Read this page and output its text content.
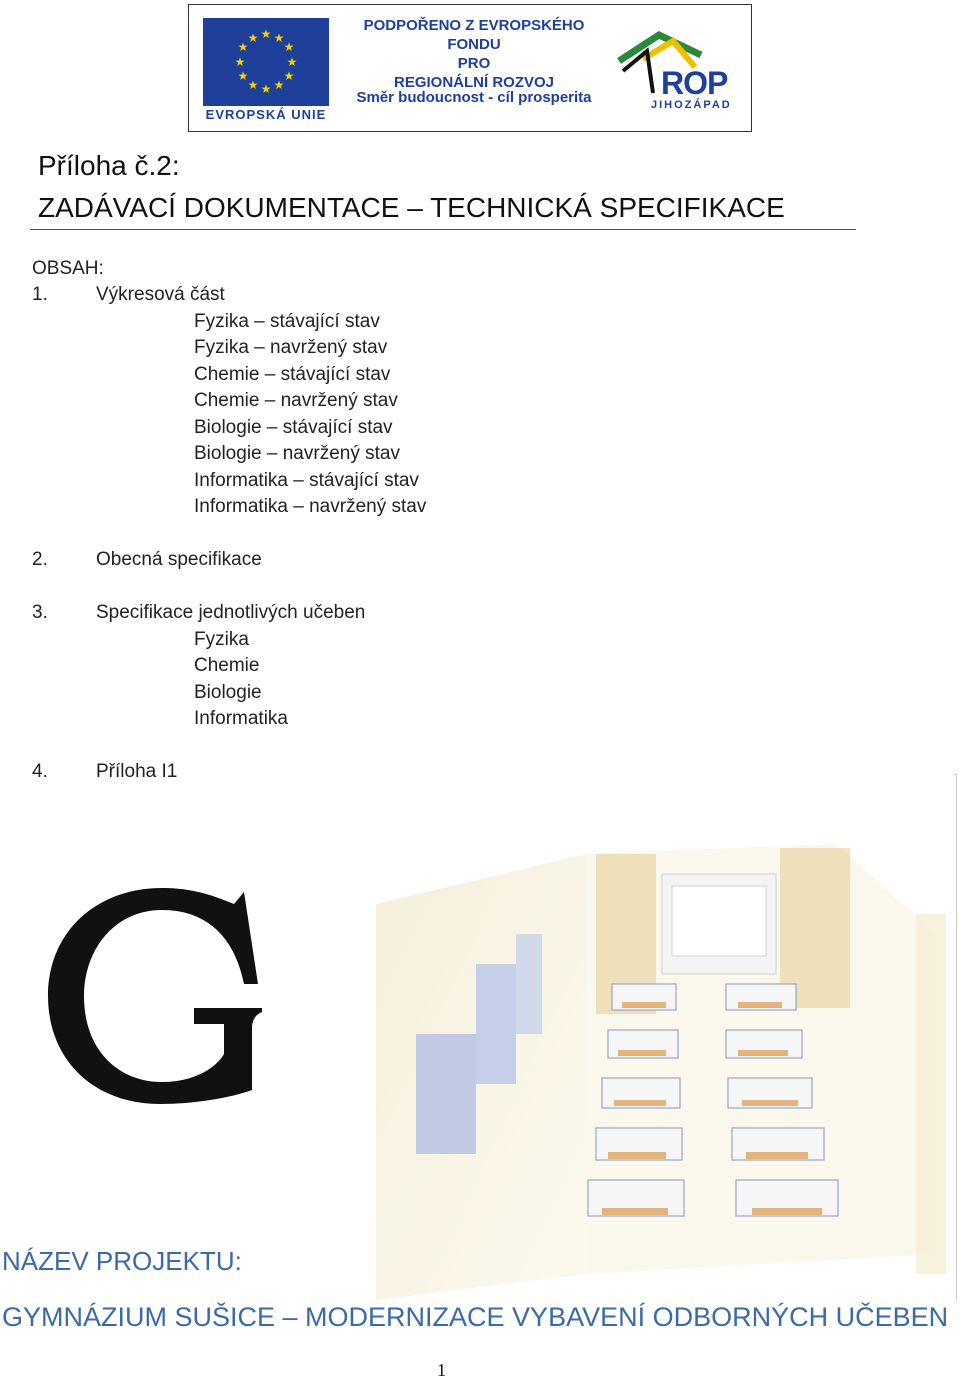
★ ★
★
★
★
★
★
★
★
★
★
★
EVROPSKÁ UNIE
PODPOŘENO Z EVROPSKÉHO FONDU
PRO
REGIONÁLNÍ ROZVOJ
Směr budoucnost - cíl prosperita	ROP
JIHOZÁPAD
Příloha č.2:
ZADÁVACÍ DOKUMENTACE – TECHNICKÁ SPECIFIKACE
OBSAH:
1.	Výkresová část
Fyzika – stávající stav
Fyzika – navržený stav
Chemie – stávající stav
Chemie – navržený stav
Biologie – stávající stav
Biologie – navržený stav
Informatika – stávající stav
Informatika – navržený stav
2.	Obecná specifikace
3.	Specifikace jednotlivých učeben
Fyzika
Chemie
Biologie
Informatika
4.	Příloha I1
NÁZEV PROJEKTU:
GYMNÁZIUM SUŠICE – MODERNIZACE VYBAVENÍ ODBORNÝCH UČEBEN
1
